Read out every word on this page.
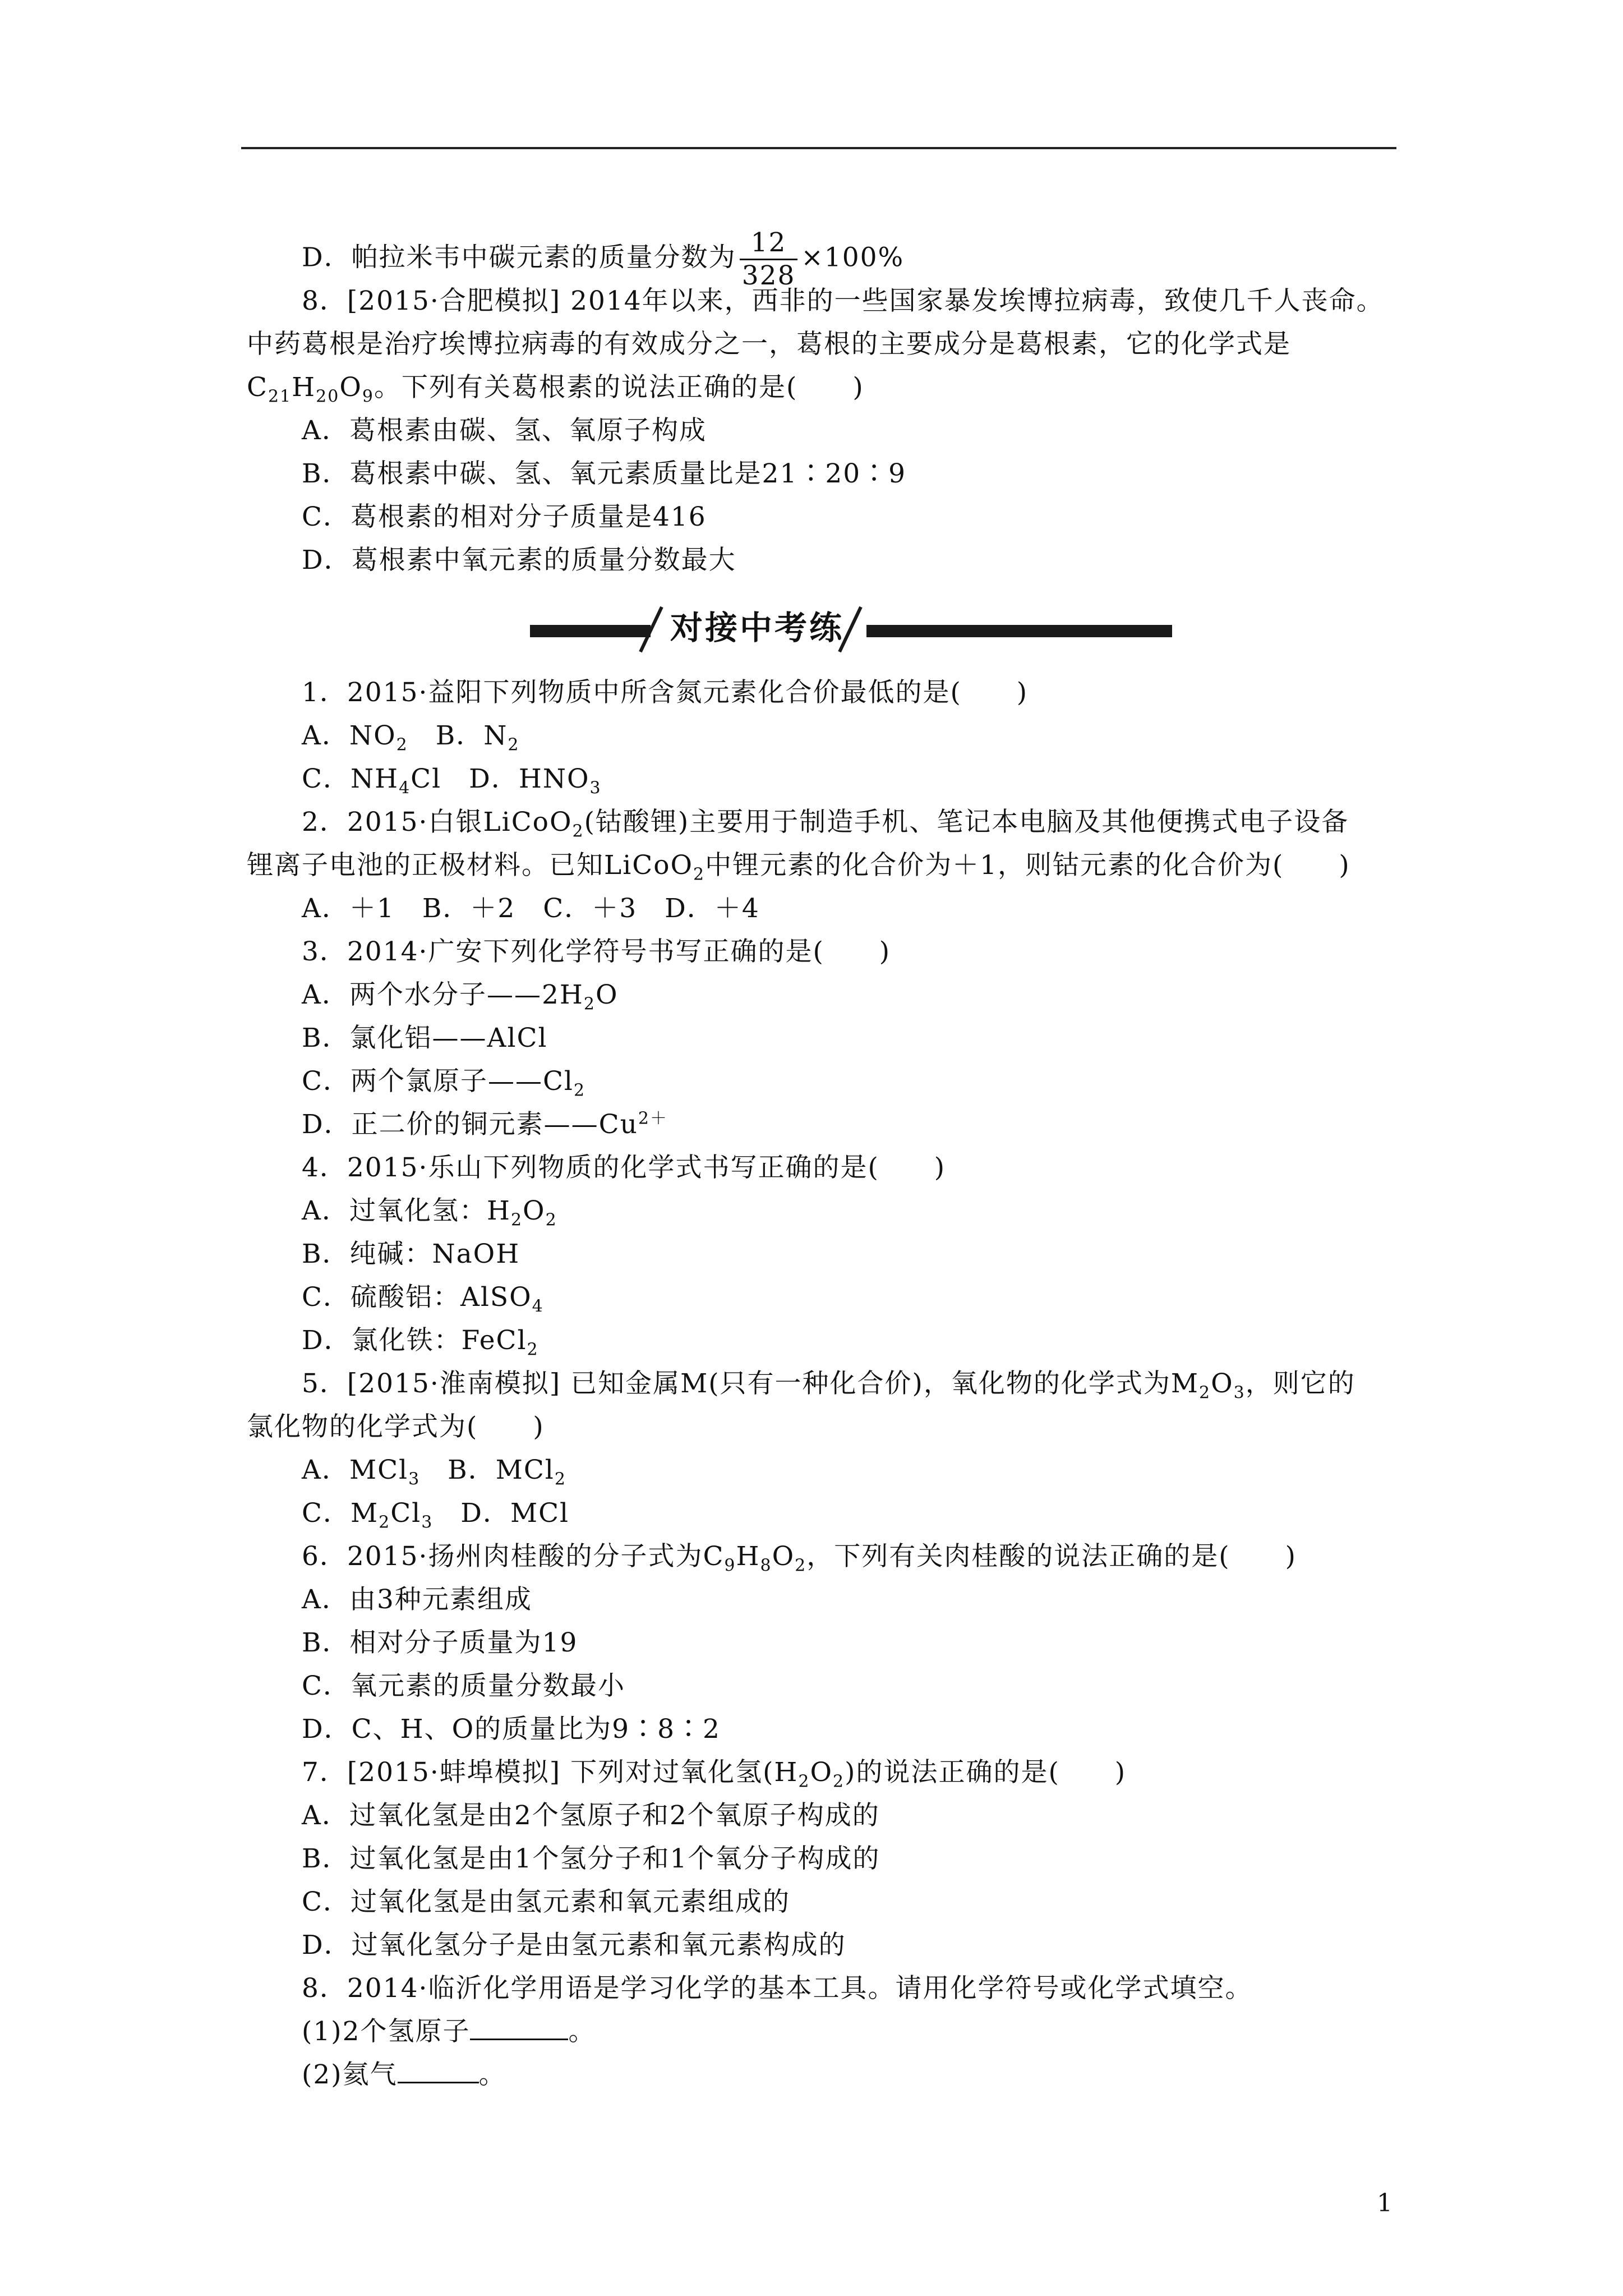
D．帕拉米韦中碳元素的质量分数为 $\frac{12}{328} \times 100\%$
8．[2015·合肥模拟] 2014年以来，西非的一些国家暴发埃博拉病毒，致使几千人丧命。
中药葛根是治疗埃博拉病毒的有效成分之一，葛根的主要成分是葛根素，它的化学式是
$C_{21}H_{20}O_9$。下列有关葛根素的说法正确的是(　　)
A．葛根素由碳、氢、氧原子构成
B．葛根素中碳、氢、氧元素质量比是21∶20∶9
C．葛根素的相对分子质量是416
D．葛根素中氧元素的质量分数最大
对接中考练
1．2015·益阳下列物质中所含氮元素化合价最低的是(　　)
A．$NO_2$　B．$N_2$
C．$NH_4Cl$　D．$HNO_3$
2．2015·白银LiCoO$_2$(钴酸锂)主要用于制造手机、笔记本电脑及其他便携式电子设备
锂离子电池的正极材料。已知LiCoO$_2$中锂元素的化合价为＋1，则钴元素的化合价为(　　)
A．＋1　B．＋2　C．＋3　D．＋4
3．2014·广安下列化学符号书写正确的是(　　)
A．两个水分子$——2H_2O$
B．氯化铝——AlCl
C．两个氯原子$——Cl_2$
D．正二价的铜元素$——Cu^{2+}$
4．2015·乐山下列物质的化学式书写正确的是(　　)
A．过氧化氢：$H_2O_2$
B．纯碱：NaOH
C．硫酸铝：AlSO$_4$
D．氯化铁：FeCl$_2$
5．[2015·淮南模拟] 已知金属M(只有一种化合价)，氧化物的化学式为$M_2O_3$，则它的
氯化物的化学式为(　　)
A．MCl$_3$　B．MCl$_2$
C．$M_2Cl_3$　D．MCl
6．2015·扬州肉桂酸的分子式为$C_9H_8O_2$，下列有关肉桂酸的说法正确的是(　　)
A．由3种元素组成
B．相对分子质量为19
C．氧元素的质量分数最小
D．C、H、O的质量比为9∶8∶2
7．[2015·蚌埠模拟] 下列对过氧化氢$(H_2O_2)$的说法正确的是(　　)
A．过氧化氢是由2个氢原子和2个氧原子构成的
B．过氧化氢是由1个氢分子和1个氧分子构成的
C．过氧化氢是由氢元素和氧元素组成的
D．过氧化氢分子是由氢元素和氧元素构成的
8．2014·临沂化学用语是学习化学的基本工具。请用化学符号或化学式填空。
(1)2个氢原子	。
(2)氦气	。
1
